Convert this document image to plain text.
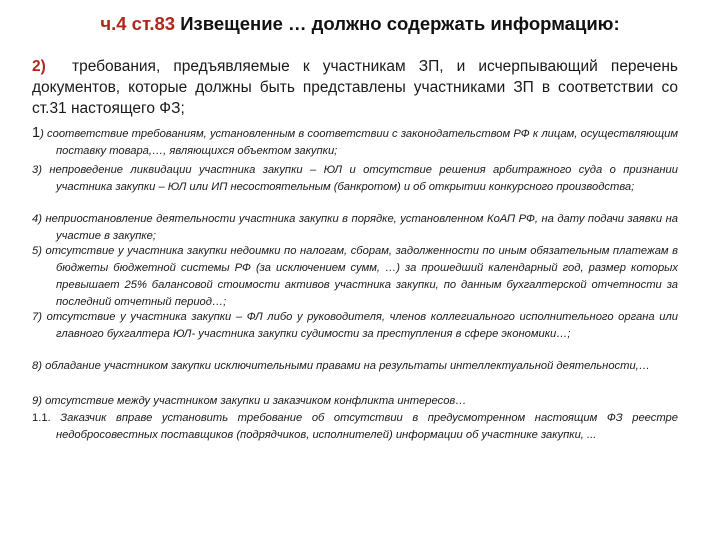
ч.4 ст.83 Извещение … должно содержать информацию:
2) требования, предъявляемые к участникам ЗП, и исчерпывающий перечень документов, которые должны быть представлены участниками ЗП в соответствии со ст.31 настоящего ФЗ;
1) соответствие требованиям, установленным в соответствии с законодательством РФ к лицам, осуществляющим поставку товара,…, являющихся объектом закупки;
3) непроведение ликвидации участника закупки – ЮЛ и отсутствие решения арбитражного суда о признании участника закупки – ЮЛ или ИП несостоятельным (банкротом) и об открытии конкурсного производства;
4) неприостановление деятельности участника закупки в порядке, установленном КоАП РФ, на дату подачи заявки на участие в закупке;
5) отсутствие у участника закупки недоимки по налогам, сборам, задолженности по иным обязательным платежам в бюджеты бюджетной системы РФ (за исключением сумм, …) за прошедший календарный год, размер которых превышает 25% балансовой стоимости активов участника закупки, по данным бухгалтерской отчетности за последний отчетный период…;
7) отсутствие у участника закупки – ФЛ либо у руководителя, членов коллегиального исполнительного органа или главного бухгалтера ЮЛ- участника закупки судимости за преступления в сфере экономики…;
8) обладание участником закупки исключительными правами на результаты интеллектуальной деятельности,…
9) отсутствие между участником закупки и заказчиком конфликта интересов…
1.1. Заказчик вправе установить требование об отсутствии в предусмотренном настоящим ФЗ реестре недобросовестных поставщиков (подрядчиков, исполнителей) информации об участнике закупки, ...
